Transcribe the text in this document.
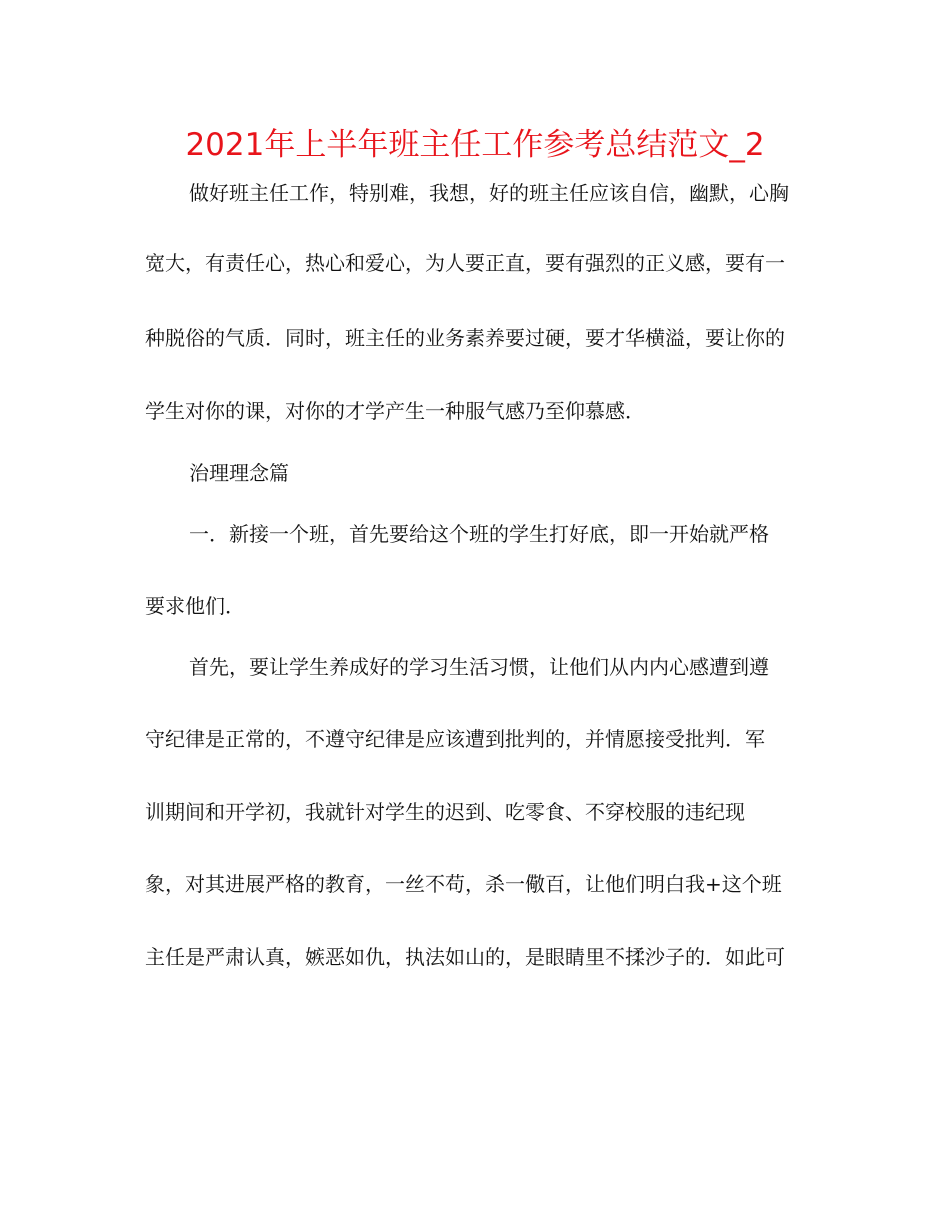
2021年上半年班主任工作参考总结范文_2
做好班主任工作，特别难，我想，好的班主任应该自信，幽默，心胸
宽大，有责任心，热心和爱心，为人要正直，要有强烈的正义感，要有一
种脱俗的气质．同时，班主任的业务素养要过硬，要才华横溢，要让你的
学生对你的课，对你的才学产生一种服气感乃至仰慕感．
治理理念篇
一．新接一个班，首先要给这个班的学生打好底，即一开始就严格
要求他们．
首先，要让学生养成好的学习生活习惯，让他们从内内心感遭到遵
守纪律是正常的，不遵守纪律是应该遭到批判的，并情愿接受批判．军
训期间和开学初，我就针对学生的迟到、吃零食、不穿校服的违纪现
象，对其进展严格的教育，一丝不苟，杀一儆百，让他们明白我+这个班
主任是严肃认真，嫉恶如仇，执法如山的，是眼睛里不揉沙子的．如此可
